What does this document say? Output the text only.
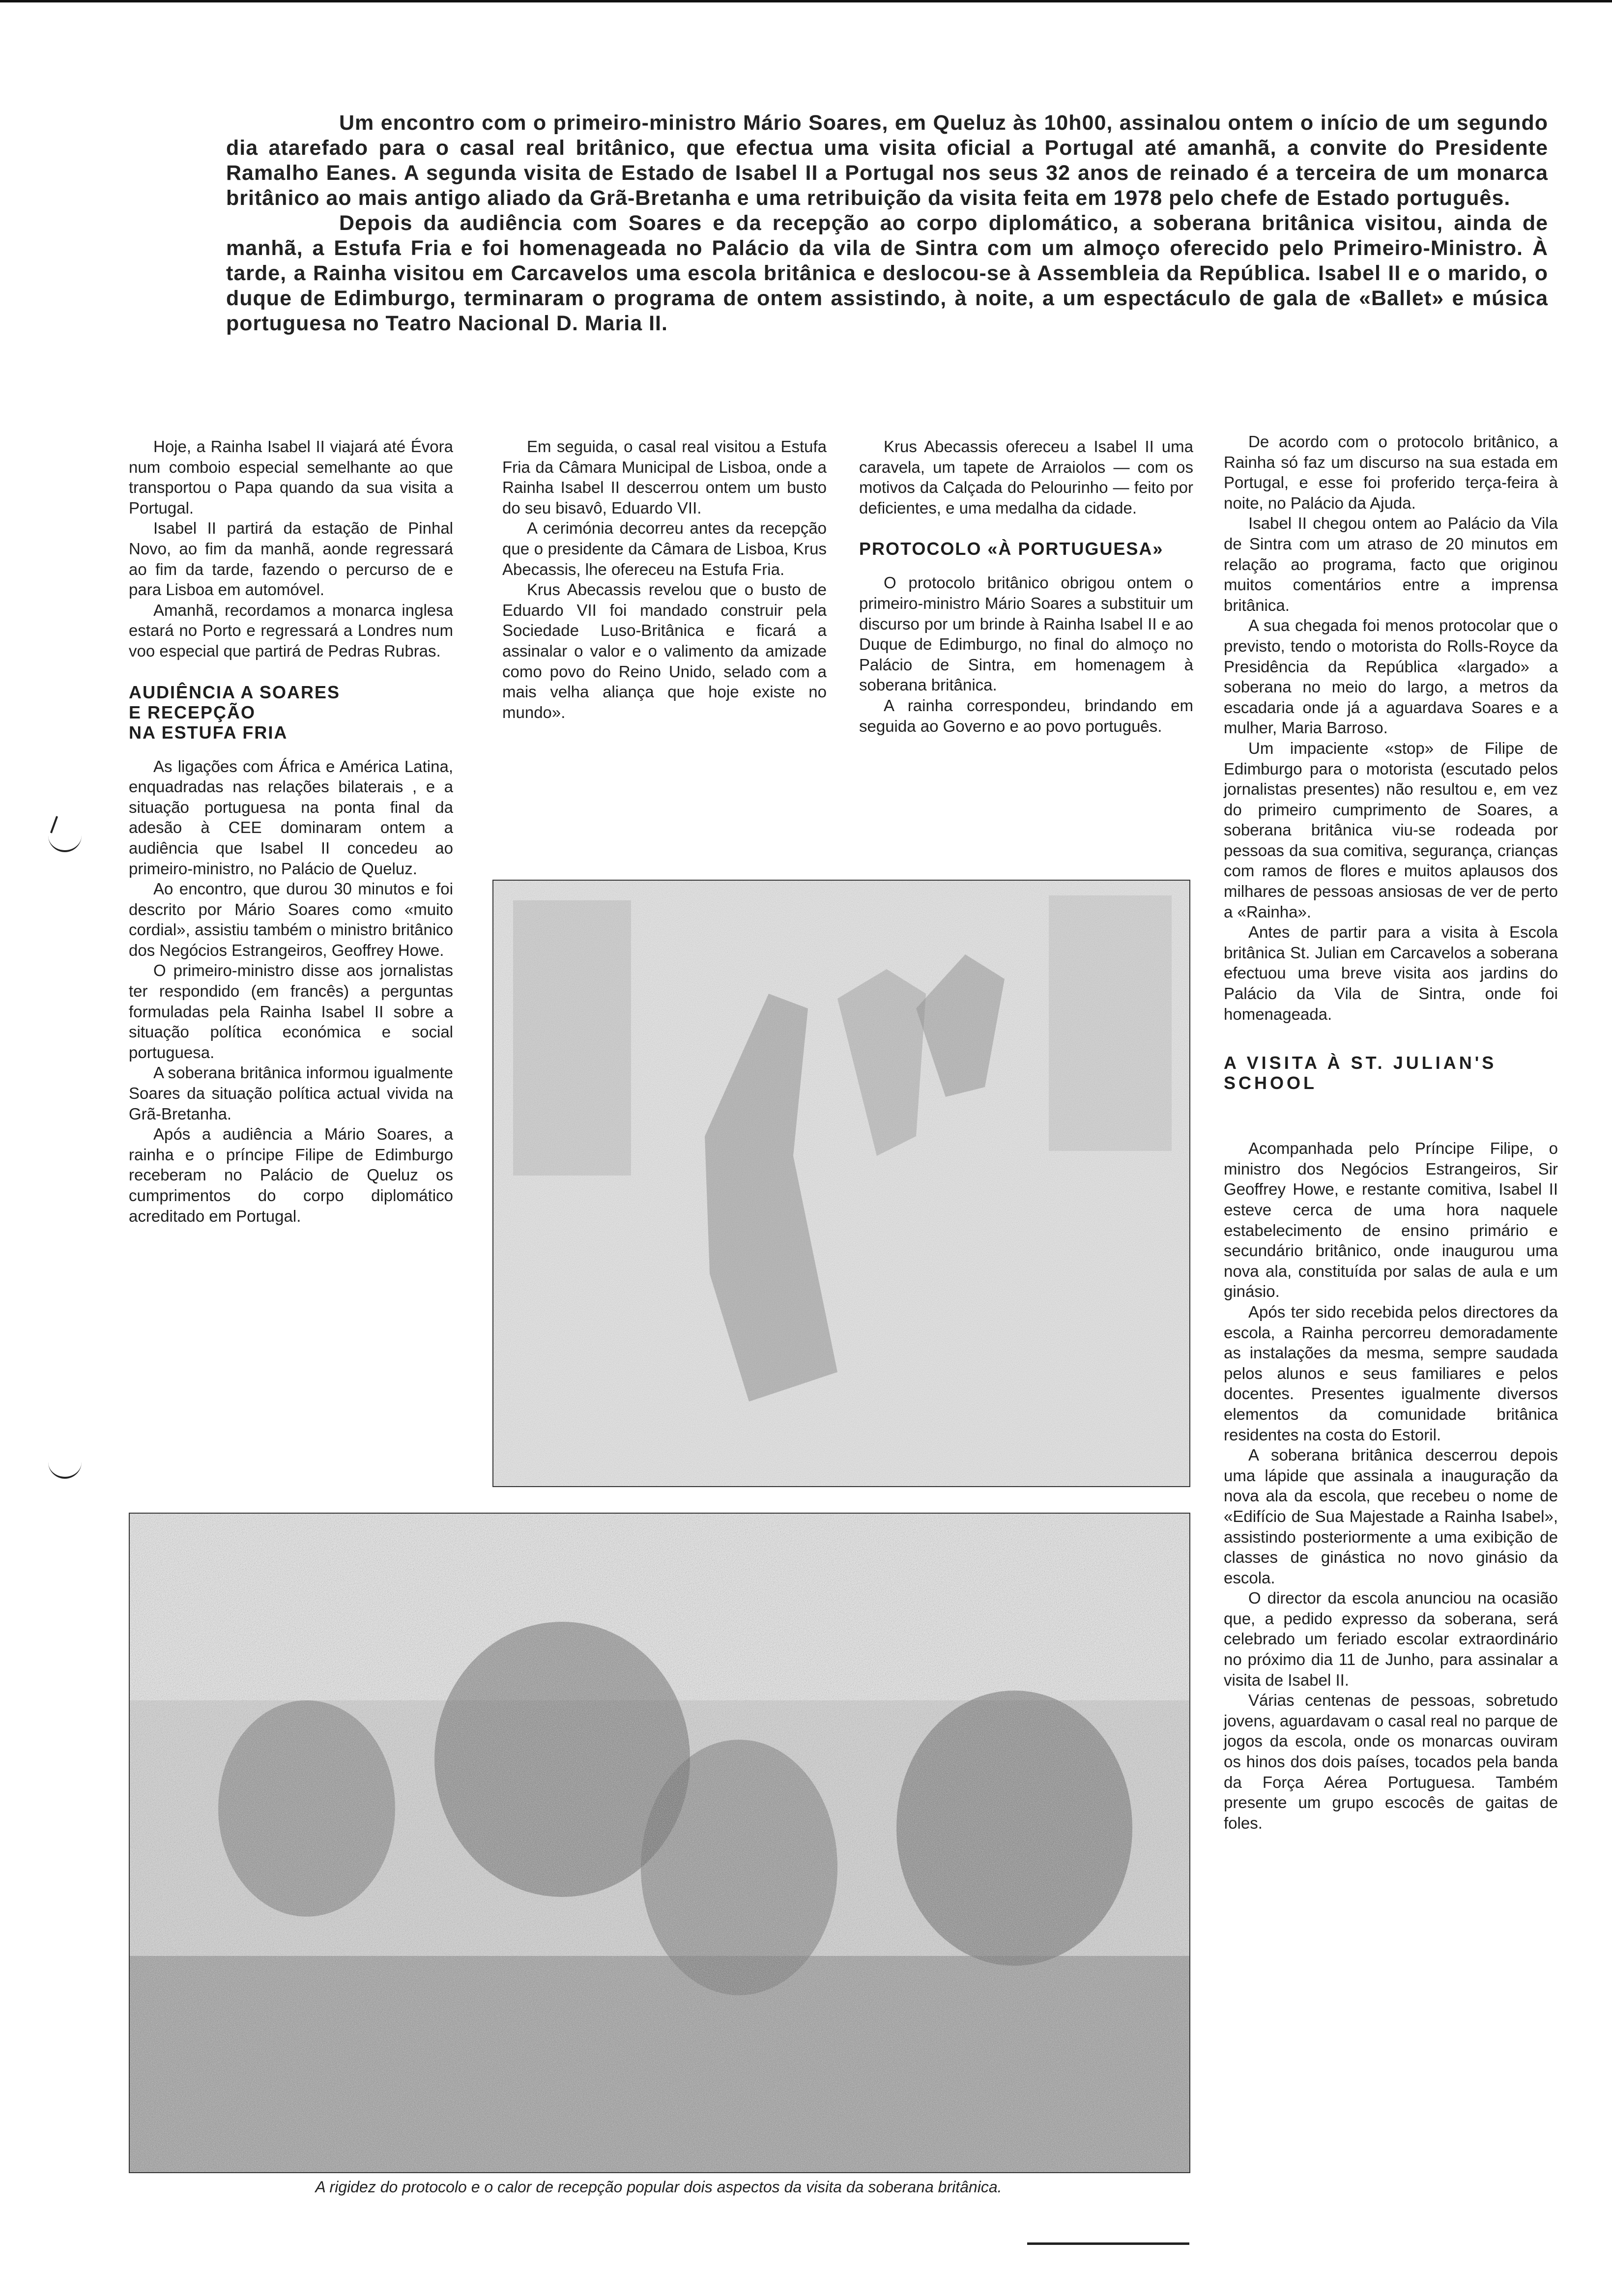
Um encontro com o primeiro-ministro Mário Soares, em Queluz às 10h00, assinalou ontem o início de um segundo dia atarefado para o casal real britânico, que efectua uma visita oficial a Portugal até amanhã, a convite do Presidente Ramalho Eanes. A segunda visita de Estado de Isabel II a Portugal nos seus 32 anos de reinado é a terceira de um monarca britânico ao mais antigo aliado da Grã-Bretanha e uma retribuição da visita feita em 1978 pelo chefe de Estado português.

Depois da audiência com Soares e da recepção ao corpo diplomático, a soberana britânica visitou, ainda de manhã, a Estufa Fria e foi homenageada no Palácio da vila de Sintra com um almoço oferecido pelo Primeiro-Ministro. À tarde, a Rainha visitou em Carcavelos uma escola britânica e deslocou-se à Assembleia da República. Isabel II e o marido, o duque de Edimburgo, terminaram o programa de ontem assistindo, à noite, a um espectáculo de gala de «Ballet» e música portuguesa no Teatro Nacional D. Maria II.

Hoje, a Rainha Isabel II viajará até Évora num comboio especial semelhante ao que transportou o Papa quando da sua visita a Portugal.

Isabel II partirá da estação de Pinhal Novo, ao fim da manhã, aonde regressará ao fim da tarde, fazendo o percurso de e para Lisboa em automóvel.

Amanhã, recordamos a monarca inglesa estará no Porto e regressará a Londres num voo especial que partirá de Pedras Rubras.

AUDIÊNCIA A SOARES
E RECEPÇÃO
NA ESTUFA FRIA

As ligações com África e América Latina, enquadradas nas relações bilaterais , e a situação portuguesa na ponta final da adesão à CEE dominaram ontem a audiência que Isabel II concedeu ao primeiro-ministro, no Palácio de Queluz.

Ao encontro, que durou 30 minutos e foi descrito por Mário Soares como «muito cordial», assistiu também o ministro britânico dos Negócios Estrangeiros, Geoffrey Howe.

O primeiro-ministro disse aos jornalistas ter respondido (em francês) a perguntas formuladas pela Rainha Isabel II sobre a situação política económica e social portuguesa.

A soberana britânica informou igualmente Soares da situação política actual vivida na Grã-Bretanha.

Após a audiência a Mário Soares, a rainha e o príncipe Filipe de Edimburgo receberam no Palácio de Queluz os cumprimentos do corpo diplomático acreditado em Portugal.

Em seguida, o casal real visitou a Estufa Fria da Câmara Municipal de Lisboa, onde a Rainha Isabel II descerrou ontem um busto do seu bisavô, Eduardo VII.

A cerimónia decorreu antes da recepção que o presidente da Câmara de Lisboa, Krus Abecassis, lhe ofereceu na Estufa Fria.

Krus Abecassis revelou que o busto de Eduardo VII foi mandado construir pela Sociedade Luso-Britânica e ficará a assinalar o valor e o valimento da amizade como povo do Reino Unido, selado com a mais velha aliança que hoje existe no mundo».

Krus Abecassis ofereceu a Isabel II uma caravela, um tapete de Arraiolos — com os motivos da Calçada do Pelourinho — feito por deficientes, e uma medalha da cidade.

PROTOCOLO «À PORTUGUESA»

O protocolo britânico obrigou ontem o primeiro-ministro Mário Soares a substituir um discurso por um brinde à Rainha Isabel II e ao Duque de Edimburgo, no final do almoço no Palácio de Sintra, em homenagem à soberana britânica.

A rainha correspondeu, brindando em seguida ao Governo e ao povo português.

De acordo com o protocolo britânico, a Rainha só faz um discurso na sua estada em Portugal, e esse foi proferido terça-feira à noite, no Palácio da Ajuda.

Isabel II chegou ontem ao Palácio da Vila de Sintra com um atraso de 20 minutos em relação ao programa, facto que originou muitos comentários entre a imprensa britânica.

A sua chegada foi menos protocolar que o previsto, tendo o motorista do Rolls-Royce da Presidência da República «largado» a soberana no meio do largo, a metros da escadaria onde já a aguardava Soares e a mulher, Maria Barroso.

Um impaciente «stop» de Filipe de Edimburgo para o motorista (escutado pelos jornalistas presentes) não resultou e, em vez do primeiro cumprimento de Soares, a soberana britânica viu-se rodeada por pessoas da sua comitiva, segurança, crianças com ramos de flores e muitos aplausos dos milhares de pessoas ansiosas de ver de perto a «Rainha».

Antes de partir para a visita à Escola britânica St. Julian em Carcavelos a soberana efectuou uma breve visita aos jardins do Palácio da Vila de Sintra, onde foi homenageada.

A VISITA À ST. JULIAN'S
SCHOOL

Acompanhada pelo Príncipe Filipe, o ministro dos Negócios Estrangeiros, Sir Geoffrey Howe, e restante comitiva, Isabel II esteve cerca de uma hora naquele estabelecimento de ensino primário e secundário britânico, onde inaugurou uma nova ala, constituída por salas de aula e um ginásio.

Após ter sido recebida pelos directores da escola, a Rainha percorreu demoradamente as instalações da mesma, sempre saudada pelos alunos e seus familiares e pelos docentes. Presentes igualmente diversos elementos da comunidade britânica residentes na costa do Estoril.

A soberana britânica descerrou depois uma lápide que assinala a inauguração da nova ala da escola, que recebeu o nome de «Edifício de Sua Majestade a Rainha Isabel», assistindo posteriormente a uma exibição de classes de ginástica no novo ginásio da escola.

O director da escola anunciou na ocasião que, a pedido expresso da soberana, será celebrado um feriado escolar extraordinário no próximo dia 11 de Junho, para assinalar a visita de Isabel II.

Várias centenas de pessoas, sobretudo jovens, aguardavam o casal real no parque de jogos da escola, onde os monarcas ouviram os hinos dos dois países, tocados pela banda da Força Aérea Portuguesa. Também presente um grupo escocês de gaitas de foles.

A rigidez do protocolo e o calor de recepção popular dois aspectos da visita da soberana britânica.
